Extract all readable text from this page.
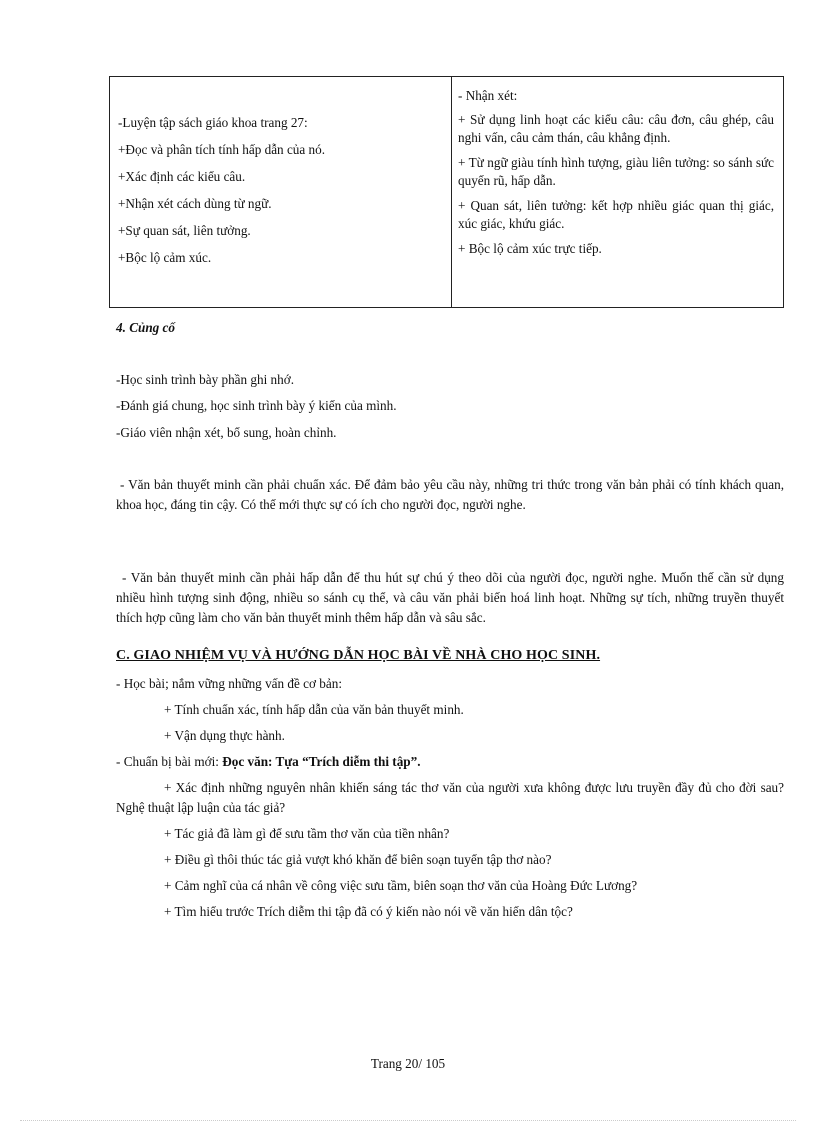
-Luyện tập sách giáo khoa trang 27:
+Đọc và phân tích tính hấp dẫn của nó.
+Xác định các kiểu câu.
+Nhận xét cách dùng từ ngữ.
+Sự quan sát, liên tưởng.
+Bộc lộ cảm xúc.

- Nhận xét:

+ Sử dụng linh hoạt các kiểu câu: câu đơn, câu ghép, câu nghi vấn, câu cảm thán, câu khẳng định.

+ Từ ngữ giàu tính hình tượng, giàu liên tưởng: so sánh sức quyến rũ, hấp dẫn.

+ Quan sát, liên tưởng: kết hợp nhiều giác quan thị giác, xúc giác, khứu giác.

+ Bộc lộ cảm xúc trực tiếp.

4. Củng cố
-Học sinh trình bày phần ghi nhớ.
-Đánh giá chung, học sinh trình bày ý kiến của mình.
-Giáo viên nhận xét, bổ sung, hoàn chỉnh.
- Văn bản thuyết minh cần phải chuẩn xác. Để đảm bảo yêu cầu này, những tri thức trong văn bản phải có tính khách quan, khoa học, đáng tin cậy. Có thế mới thực sự có ích cho người đọc, người nghe.
- Văn bản thuyết minh cần phải hấp dẫn để thu hút sự chú ý theo dõi của người đọc, người nghe. Muốn thế cần sử dụng nhiều hình tượng sinh động, nhiều so sánh cụ thể, và câu văn phải biến hoá linh hoạt. Những sự tích, những truyền thuyết thích hợp cũng làm cho văn bản thuyết minh thêm hấp dẫn và sâu sắc.
C. GIAO NHIỆM VỤ VÀ HƯỚNG DẪN HỌC BÀI VỀ NHÀ CHO HỌC SINH.
- Học bài; nắm vững những vấn đề cơ bản:
+ Tính chuẩn xác, tính hấp dẫn của văn bản thuyết minh.
+ Vận dụng thực hành.
- Chuẩn bị bài mới: Đọc văn: Tựa “Trích diễm thi tập”.
+ Xác định những nguyên nhân khiến sáng tác thơ văn của người xưa không được lưu truyền đầy đủ cho đời sau? Nghệ thuật lập luận của tác giả?
+ Tác giả đã làm gì để sưu tầm thơ văn của tiền nhân?
+ Điều gì thôi thúc tác giả vượt khó khăn để biên soạn tuyển tập thơ nào?
+ Cảm nghĩ của cá nhân về công việc sưu tầm, biên soạn thơ văn của Hoàng Đức Lương?
+ Tìm hiểu trước Trích diễm thi tập đã có ý kiến nào nói về văn hiến dân tộc?
Trang 20/ 105
